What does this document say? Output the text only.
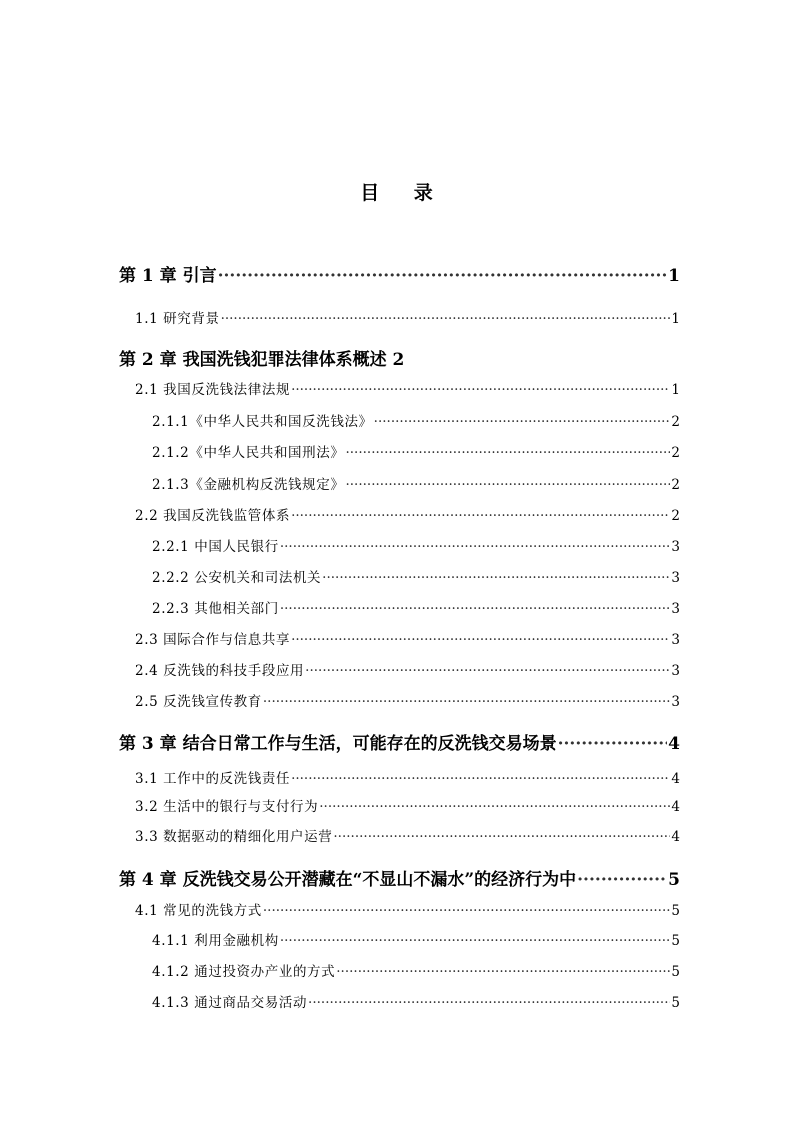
目 录
第 1 章 引言 ·····	1
1.1 研究背景 ·····	1
第 2 章 我国洗钱犯罪法律体系概述 2
2.1 我国反洗钱法律法规 ·····	1
2.1.1《中华人民共和国反洗钱法》 ·····	2
2.1.2《中华人民共和国刑法》 ·····	2
2.1.3《金融机构反洗钱规定》 ·····	2
2.2 我国反洗钱监管体系 ·····	2
2.2.1 中国人民银行 ·····	3
2.2.2 公安机关和司法机关 ·····	3
2.2.3 其他相关部门 ·····	3
2.3 国际合作与信息共享 ·····	3
2.4 反洗钱的科技手段应用 ·····	3
2.5 反洗钱宣传教育 ·····	3
第 3 章 结合日常工作与生活，可能存在的反洗钱交易场景 ·····	4
3.1 工作中的反洗钱责任 ·····	4
3.2 生活中的银行与支付行为 ·····	4
3.3 数据驱动的精细化用户运营 ·····	4
第 4 章 反洗钱交易公开潜藏在“不显山不漏水”的经济行为中 ·····	5
4.1 常见的洗钱方式 ·····	5
4.1.1 利用金融机构 ·····	5
4.1.2 通过投资办产业的方式 ·····	5
4.1.3 通过商品交易活动 ·····	5
